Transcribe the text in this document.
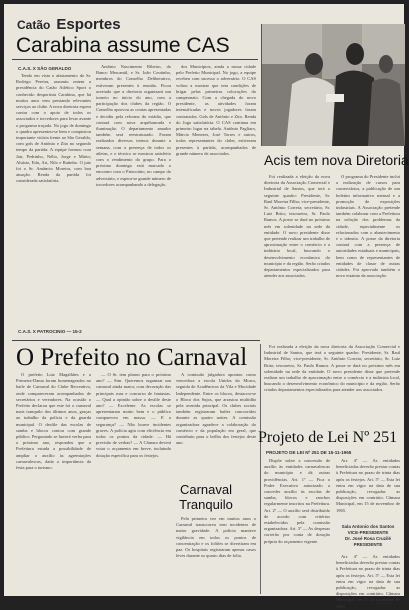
Catão Esportes
Carabina assume CAS
Acis tem nova Diretoria
C.A.S. X SÃO GERALDO

Tendo em vista o afastamento do Sr. Rodrigo Pereira, assumiu ontem a presidência do Catão Atlético Sport o conhecido desportista Carabina, que há muitos anos vem prestando relevantes serviços ao clube. A nova diretoria espera contar com o apoio de todos os associados e torcedores para levar avante o programa traçado. No jogo de domingo o quadro apresentou-se bem e conquistou importante vitória frente ao São Geraldo, com gols de Antônio e Zito no segundo tempo da partida. A equipe formou com Jair, Pedrinho, Nélio, Jorge e Mário; Aluísio, Edu, Ari, Nilo e Ratinho. O juiz foi o Sr. Amâncio Moreira, com boa atuação. Renda da partida foi considerada satisfatória.

C.A.S. X PATROCINIO — 15-2

Antônio Nascimento Ribeiro, do Banco Mercantil, e Sr. João Coutinho, membros do Conselho Deliberativo, estiveram presentes à reunião. Ficou acertado que a diretoria organizará um torneio no início do ano, com a participação dos clubes da região. O Conselho aprovou as contas apresentadas e decidiu pela reforma do estádio, que contará com nova arquibancada e iluminação. O departamento amador também será reestruturado. Foram realizados diversos treinos durante a semana, com a presença de todos os atletas, e o técnico se mostrou satisfeito com o rendimento do grupo. Para o próximo domingo está marcado o encontro com o Patrocínio, no campo do adversário, e espera-se grande número de torcedores acompanhando a delegação.

dos Municípios, ainda a nossa cidade pelo Prefeito Municipal. No jogo, a equipe recebeu com sucesso o adversário. O CAS voltou a mostrar que tem condições de brigar pelas primeiras colocações do campeonato. Com a chegada do novo presidente, as atividades foram intensificadas e novos jogadores foram contratados. Gols de Antônio e Zito. Renda do Jogo satisfatória. O CAS continua em primeiro lugar na tabela. Antônio Pagliaro, Márcio Menezes, José Torres e outros, todos representantes do clube, estiveram presentes à partida, acompanhados de grande número de associados.

Foi realizada a eleição da nova diretoria da Associação Comercial e Industrial de Santos, que terá o seguinte quadro: Presidente, Sr. Raul Moreira Filho; vice-presidente, Sr. Antônio Correia; secretário, Sr. Luiz Brito; tesoureiro, Sr. Paulo Ramos. A posse se dará no próximo mês em solenidade na sede da entidade. O novo presidente disse que pretende realizar um trabalho de aproximação entre o comércio e a indústria local, buscando o desenvolvimento econômico do município e da região. Serão criados departamentos especializados para atender aos associados.

O programa do Presidente inclui a realização de cursos para comerciários, a publicação de um boletim informativo mensal e a promoção de exposições industriais. A Associação pretende também colaborar com a Prefeitura na solução dos problemas da cidade, especialmente os relacionados com o abastecimento e o trânsito. A posse da diretoria contará com a presença de autoridades estaduais e municipais, bem como de representantes de entidades de classe de outras cidades. Foi aprovado também o novo estatuto da associação.

O Prefeito no Carnaval

O prefeito Luiz Magalhães e a Primeira-Dama foram homenageados no baile de Carnaval do Clube Recreativo, onde compareceram acompanhados de secretários e vereadores. Na ocasião o Prefeito declarou que este foi o carnaval mais tranquilo dos últimos anos, graças ao trabalho da polícia e da guarda municipal. O desfile das escolas de samba e blocos contou com grande público. Perguntado se haverá verba para o próximo ano, respondeu que a Prefeitura estuda a possibilidade de ampliar o auxílio às agremiações carnavalescas, dada a importância da festa para o turismo.

— O Sr. tem planos para o próximo ano? — Sim. Queremos organizar um carnaval ainda maior, com decoração das principais ruas e concurso de fantasias. — Qual a opinião sobre o desfile deste ano? — Excelente. As escolas se apresentaram muito bem e o público compareceu em massa. — E a segurança? — Não houve incidentes graves. A polícia agiu com eficiência em todos os pontos da cidade. — Há previsão de verbas? — A Câmara deverá votar o orçamento em breve, incluindo dotação específica para os festejos.

A comissão julgadora apontou como vencedora a escola Unidos do Morro, seguida de Acadêmicos da Vila e Mocidade Independente. Entre os blocos, destacou-se o Bloco dos Sujos, que arrastou multidão pela avenida principal. Os clubes sociais também registraram bailes concorridos durante as quatro noites. A comissão organizadora agradece a colaboração do comércio e da população em geral, que contribuiu para o brilho dos festejos deste ano.

Carnaval Tranquilo

Pela primeira vez em muitos anos o Carnaval transcorreu sem incidentes de maior gravidade. A polícia manteve vigilância em todos os pontos de concentração e os foliões se divertiram em paz. Os hospitais registraram apenas casos leves durante os quatro dias de folia.

Foi realizada a eleição da nova diretoria da Associação Comercial e Industrial de Santos, que terá o seguinte quadro: Presidente, Sr. Raul Moreira Filho; vice-presidente, Sr. Antônio Correia; secretário, Sr. Luiz Brito; tesoureiro, Sr. Paulo Ramos. A posse se dará no próximo mês em solenidade na sede da entidade. O novo presidente disse que pretende realizar um trabalho de aproximação entre o comércio e a indústria local, buscando o desenvolvimento econômico do município e da região. Serão criados departamentos especializados para atender aos associados.

Projeto de Lei Nº 251
PROJETO DE LEI Nº 251 DE 15-11-1965

Dispõe sobre a concessão de auxílio às entidades carnavalescas do município e dá outras providências. Art. 1º — Fica o Poder Executivo autorizado a conceder auxílio às escolas de samba, blocos e ranchos regularmente inscritos na Prefeitura. Art. 2º — O auxílio será distribuído de acordo com critérios estabelecidos pela comissão organizadora. Art. 3º — As despesas correrão por conta de dotação própria do orçamento vigente.

Art. 4º — As entidades beneficiadas deverão prestar contas à Prefeitura no prazo de trinta dias após os festejos. Art. 5º — Esta lei entra em vigor na data de sua publicação, revogadas as disposições em contrário. Câmara Municipal, em 15 de novembro de 1965.

Sala Antonio dos Santos
VICE-PRESIDENTE
Dr. José Rosa Cruzilé
PRESIDENTE

Art. 4º — As entidades beneficiadas deverão prestar contas à Prefeitura no prazo de trinta dias após os festejos. Art. 5º — Esta lei entra em vigor na data de sua publicação, revogadas as disposições em contrário. Câmara Municipal, em 15 de novembro de 1965.
